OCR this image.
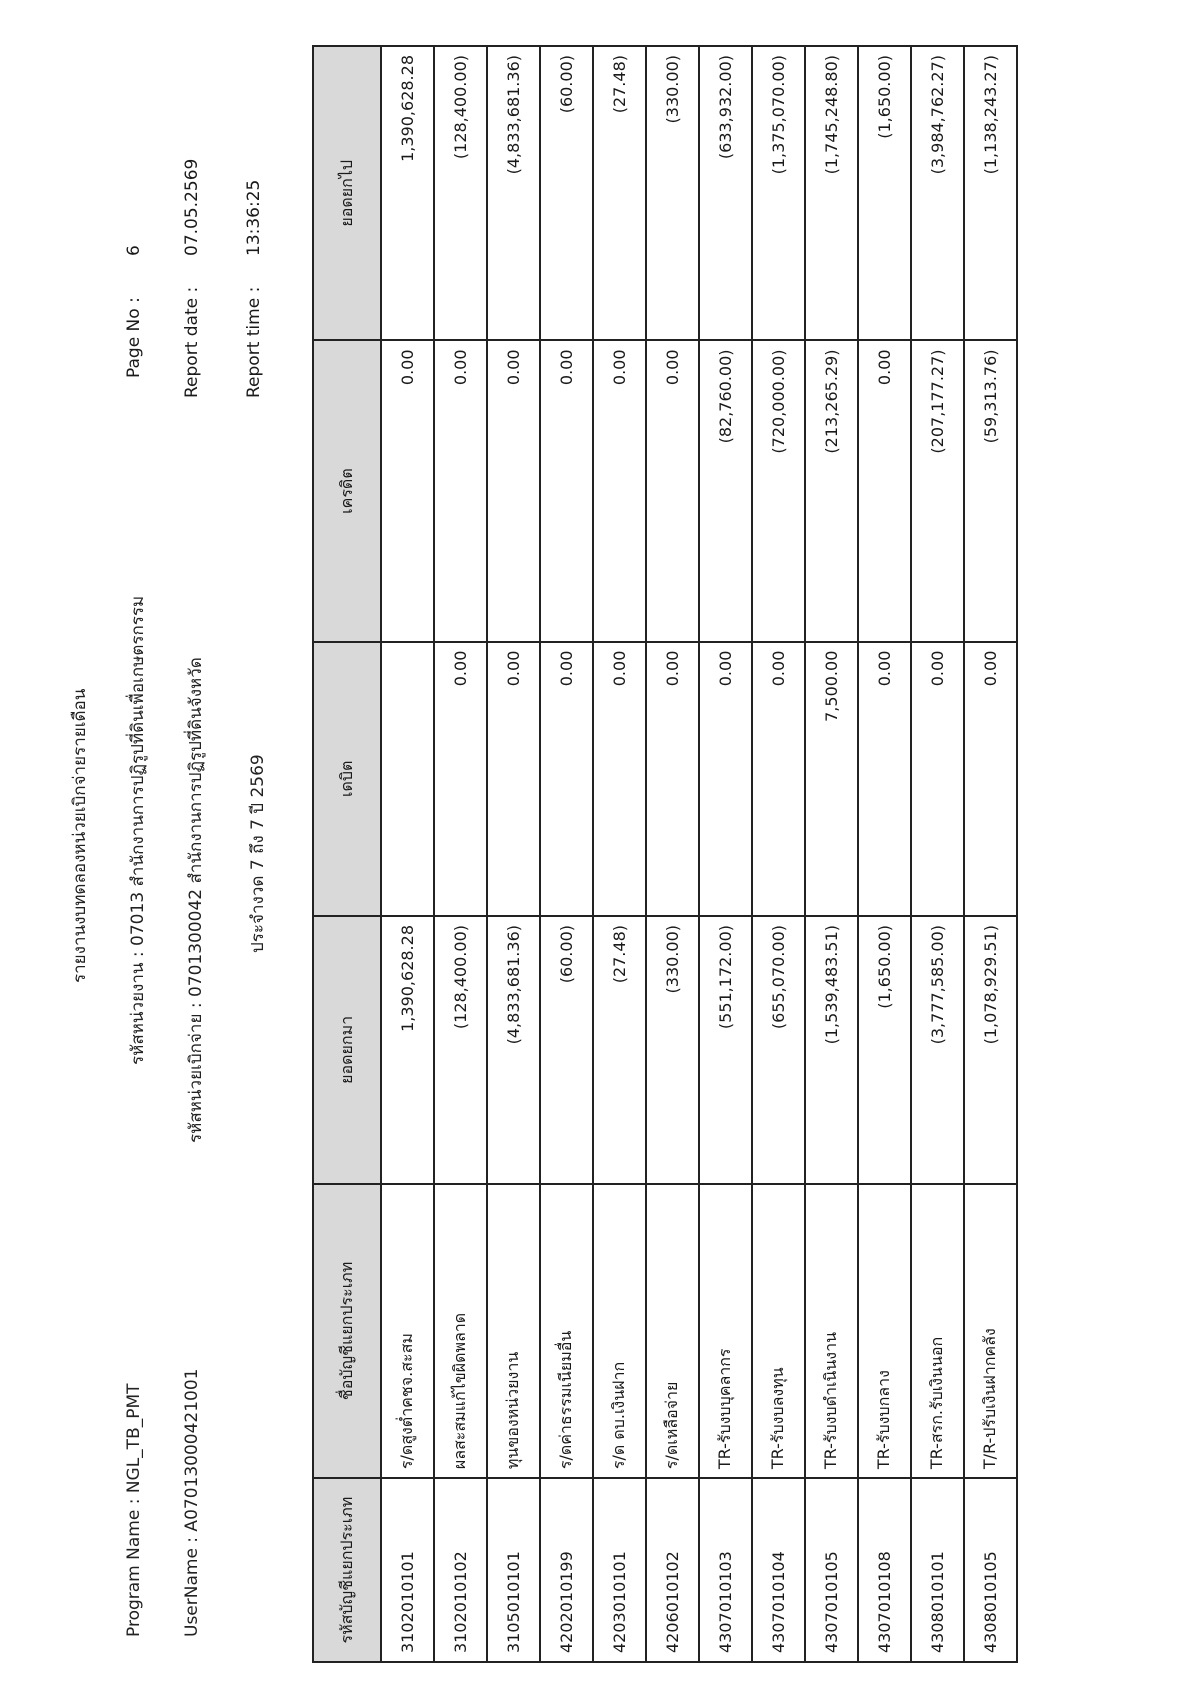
รายงานงบทดลองหน่วยเบิกจ่ายรายเดือน
Program Name : NGL_TB_PMT UserName : A07013000421001
รหัสหน่วยงาน : 07013 สำนักงานการปฏิรูปที่ดินเพื่อเกษตรกรรม รหัสหน่วยเบิกจ่าย : 0701300042 สำนักงานการปฏิรูปที่ดินจังหวัด ประจำงวด 7 ถึง 7 ปี 2569
Page No :
6
Report date :
07.05.2569
Report time :
13:36:25
รหัสบัญชีแยกประเภท	ชื่อบัญชีแยกประเภท	ยอดยกมา	เดบิต	เครดิต	ยอดยกไป
3102010101	ร/ดสูงต่ำคชจ.สะสม	1,390,628.28		0.00	1,390,628.28
3102010102	ผลสะสมแก้ไขผิดพลาด	(128,400.00)	0.00	0.00	(128,400.00)
3105010101	ทุนของหน่วยงาน	(4,833,681.36)	0.00	0.00	(4,833,681.36)
4202010199	ร/ดค่าธรรมเนียมอื่น	(60.00)	0.00	0.00	(60.00)
4203010101	ร/ด ดบ.เงินฝาก	(27.48)	0.00	0.00	(27.48)
4206010102	ร/ดเหลือจ่าย	(330.00)	0.00	0.00	(330.00)
4307010103	TR-รับงบบุคลากร	(551,172.00)	0.00	(82,760.00)	(633,932.00)
4307010104	TR-รับงบลงทุน	(655,070.00)	0.00	(720,000.00)	(1,375,070.00)
4307010105	TR-รับงบดำเนินงาน	(1,539,483.51)	7,500.00	(213,265.29)	(1,745,248.80)
4307010108	TR-รับงบกลาง	(1,650.00)	0.00	0.00	(1,650.00)
4308010101	TR-สรก.รับเงินนอก	(3,777,585.00)	0.00	(207,177.27)	(3,984,762.27)
4308010105	T/R-ปรับเงินฝากคลัง	(1,078,929.51)	0.00	(59,313.76)	(1,138,243.27)
